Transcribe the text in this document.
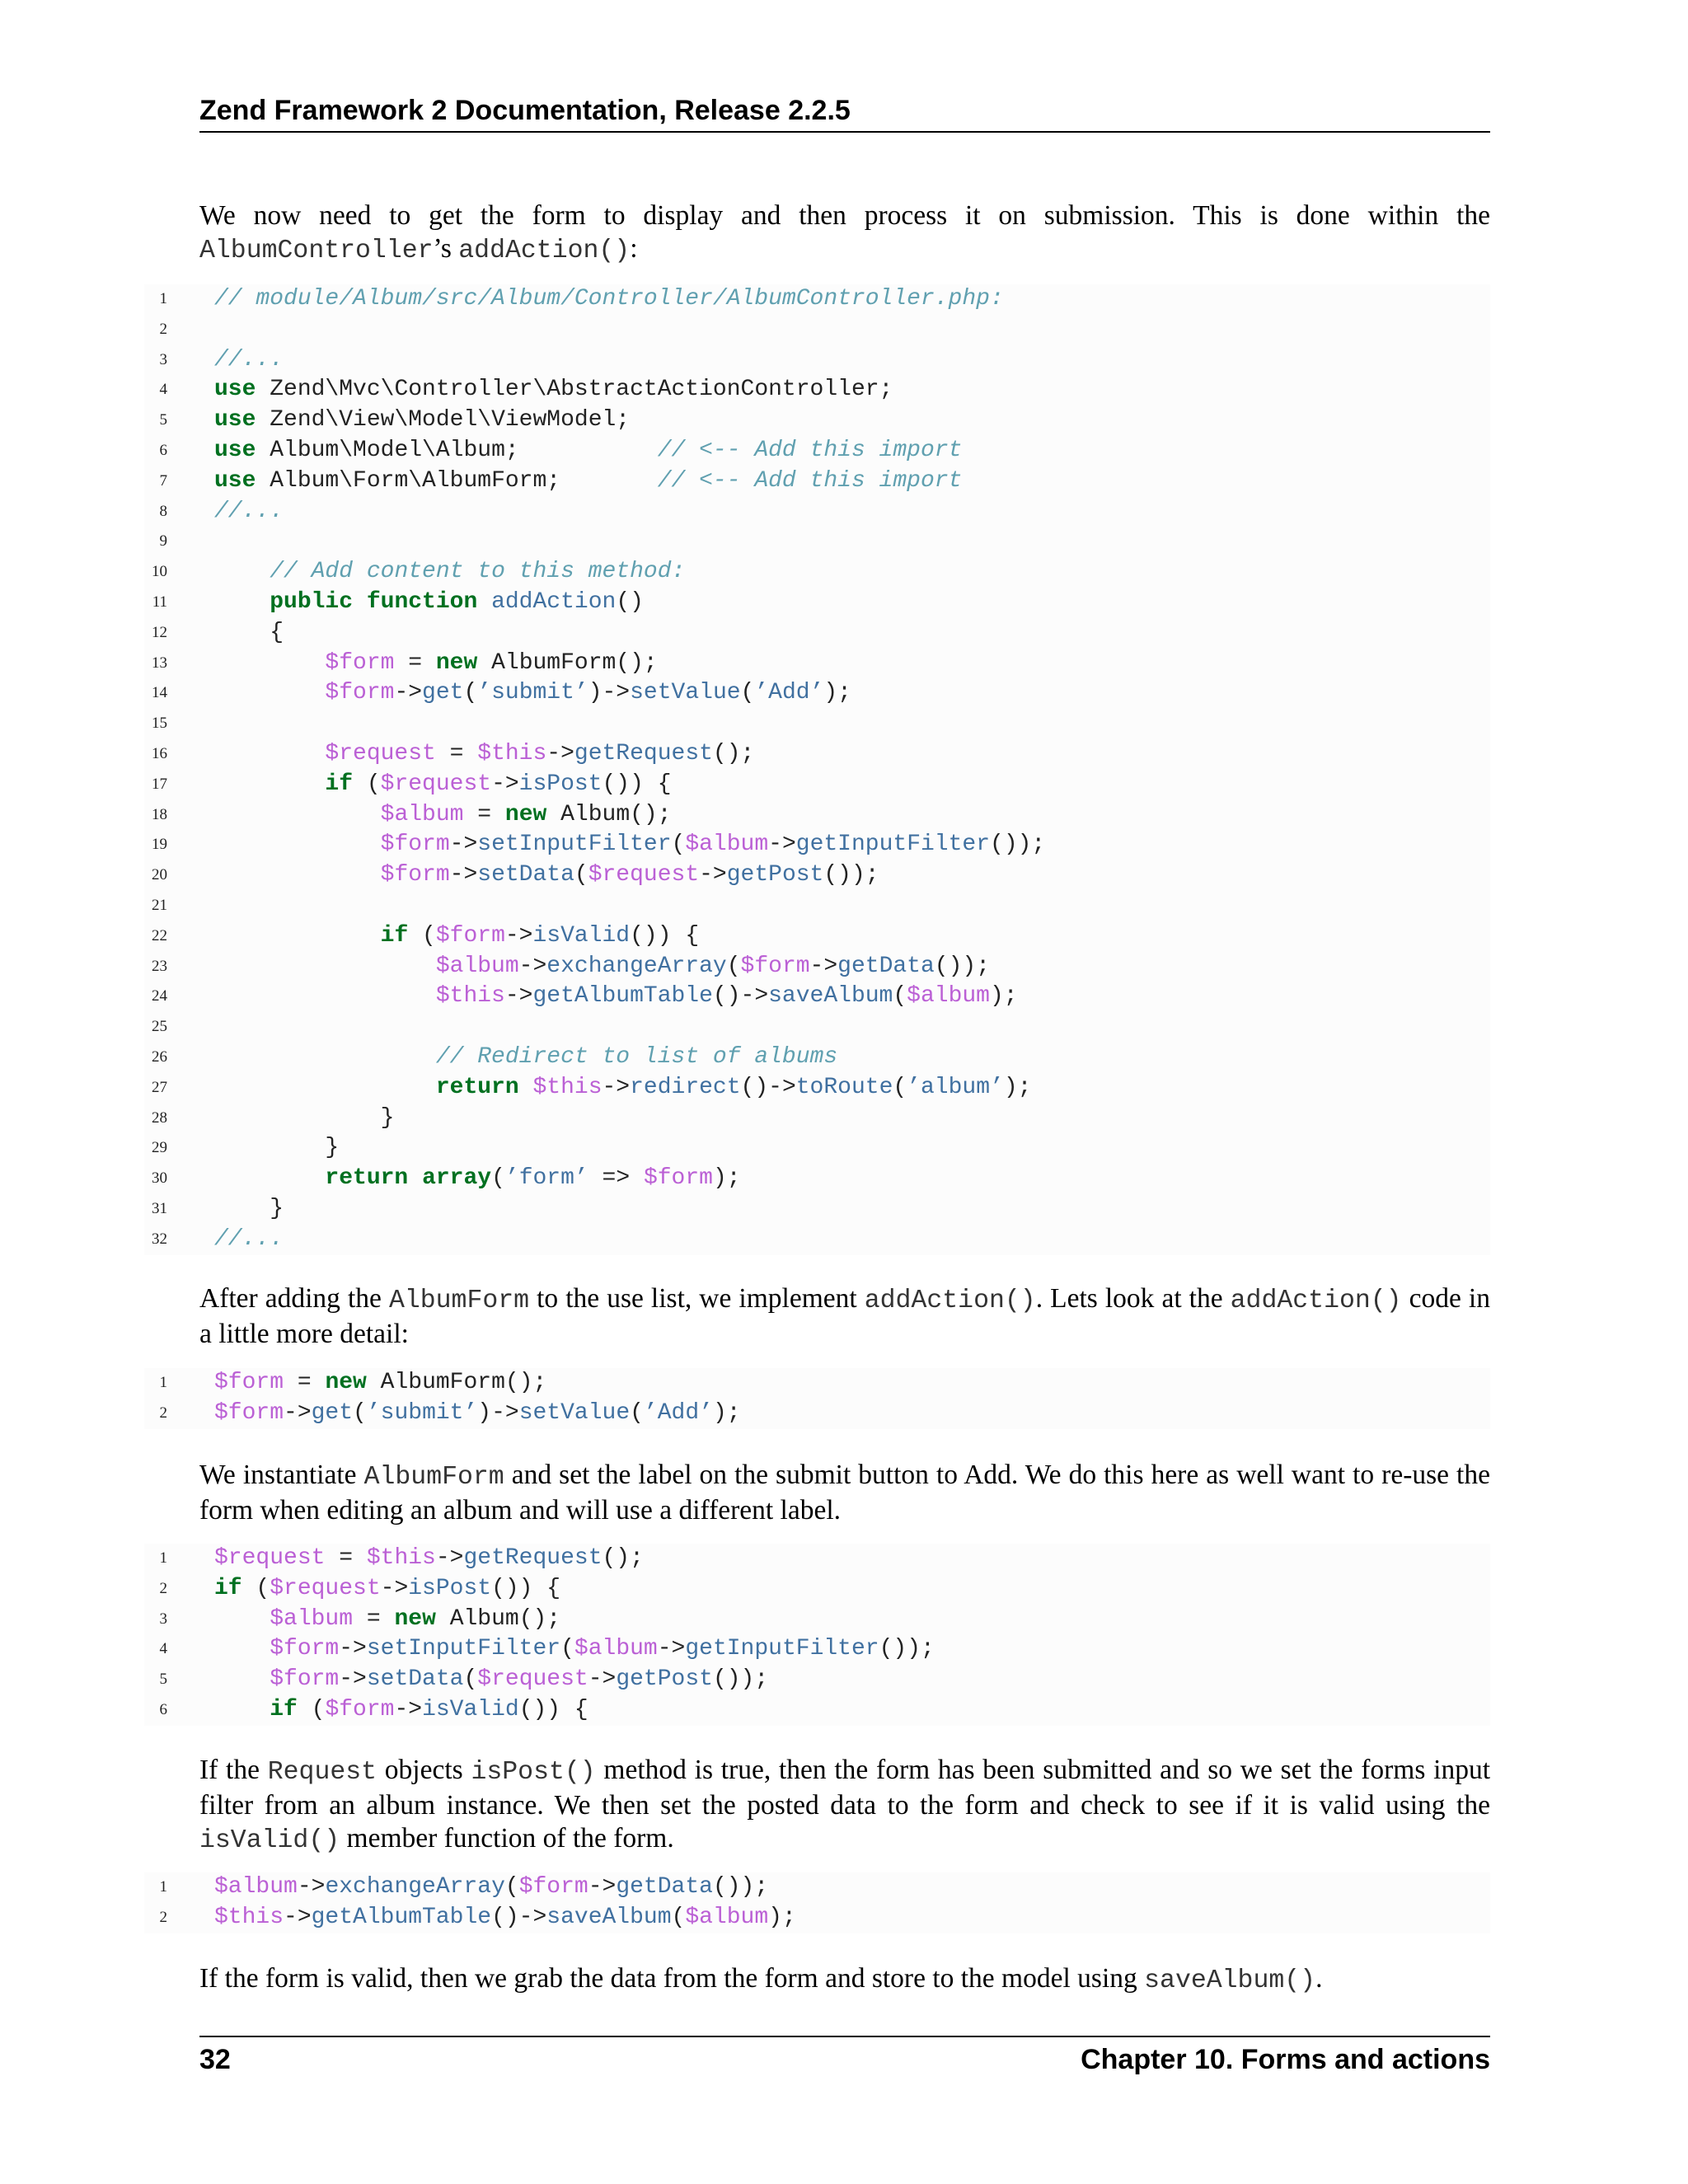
Zend Framework 2 Documentation, Release 2.2.5
We now need to get the form to display and then process it on submission. This is done within the AlbumController’s addAction():
1 // module/Album/src/Album/Controller/AlbumController.php:
2
3 //...
4 use Zend\Mvc\Controller\AbstractActionController;
5 use Zend\View\Model\ViewModel;
6 use Album\Model\Album;          // <-- Add this import
7 use Album\Form\AlbumForm;       // <-- Add this import
8 //...
9
10	// Add content to this method:
11	public function addAction()
12 {
13	$form = new AlbumForm();
14	$form->get(’submit’)->setValue(’Add’);
15
16	$request = $this->getRequest();
17	if ($request->isPost()) {
18	$album = new Album();
19	$form->setInputFilter($album->getInputFilter());
20	$form->setData($request->getPost());
21
22	if ($form->isValid()) {
23	$album->exchangeArray($form->getData());
24	$this->getAlbumTable()->saveAlbum($album);
25
26	// Redirect to list of albums
27	return $this->redirect()->toRoute(’album’);
28 }
29 }
30	return array(’form’ => $form);
31 }
32 //...
After adding the AlbumForm to the use list, we implement addAction(). Lets look at the addAction() code in a little more detail:
1 $form = new AlbumForm();
2 $form->get(’submit’)->setValue(’Add’);
We instantiate AlbumForm and set the label on the submit button to Add. We do this here as well want to re-use the form when editing an album and will use a different label.
1 $request = $this->getRequest();
2 if ($request->isPost()) {
3	$album = new Album();
4	$form->setInputFilter($album->getInputFilter());
5	$form->setData($request->getPost());
6	if ($form->isValid()) {
If the Request objects isPost() method is true, then the form has been submitted and so we set the forms input filter from an album instance. We then set the posted data to the form and check to see if it is valid using the isValid() member function of the form.
1 $album->exchangeArray($form->getData());
2 $this->getAlbumTable()->saveAlbum($album);
If the form is valid, then we grab the data from the form and store to the model using saveAlbum().
32	Chapter 10. Forms and actions
